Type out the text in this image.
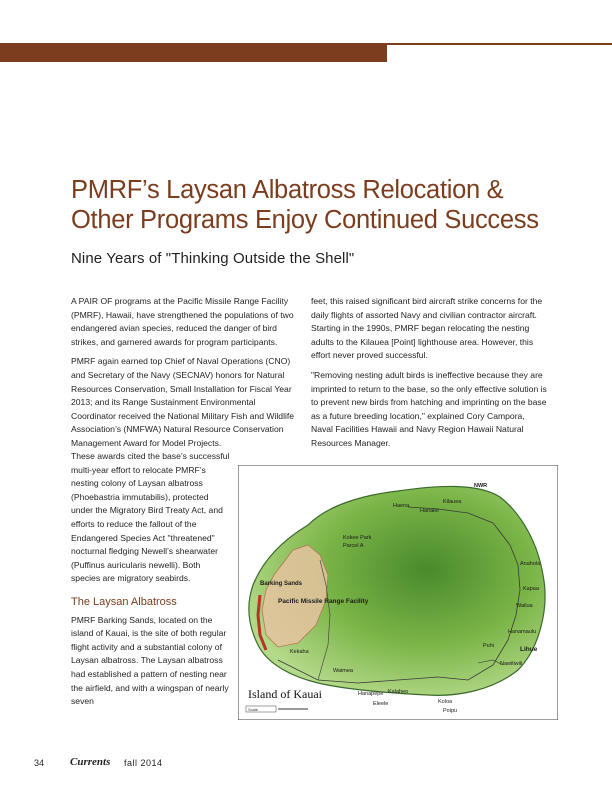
PMRF’s Laysan Albatross Relocation & Other Programs Enjoy Continued Success
Nine Years of "Thinking Outside the Shell"

A PAIR OF programs at the Pacific Missile Range Facility (PMRF), Hawaii, have strengthened the populations of two endangered avian species, reduced the danger of bird strikes, and garnered awards for program participants.

PMRF again earned top Chief of Naval Operations (CNO) and Secretary of the Navy (SECNAV) honors for Natural Resources Conservation, Small Installation for Fiscal Year 2013; and its Range Sustainment Environmental Coordinator received the National Military Fish and Wildlife Association’s (NMFWA) Natural Resource Conservation Management Award for Model Projects.

feet, this raised significant bird aircraft strike concerns for the daily flights of assorted Navy and civilian contractor aircraft. Starting in the 1990s, PMRF began relocating the nesting adults to the Kilauea [Point] lighthouse area. However, this effort never proved successful.

"Removing nesting adult birds is ineffective because they are imprinted to return to the base, so the only effective solution is to prevent new birds from hatching and imprinting on the base as a future breeding location," explained Cory Campora, Naval Facilities Hawaii and Navy Region Hawaii Natural Resources Manager.

These awards cited the base’s successful multi-year effort to relocate PMRF’s nesting colony of Laysan albatross (Phoebastria immutabilis), protected under the Migratory Bird Treaty Act, and efforts to reduce the fallout of the Endangered Species Act "threatened" nocturnal fledging Newell’s shearwater (Puffinus auricularis newelli). Both species are migratory seabirds.

The Laysan Albatross

PMRF Barking Sands, located on the island of Kauai, is the site of both regular flight activity and a substantial colony of Laysan albatross. The Laysan albatross had established a pattern of nesting near the airfield, and with a wingspan of nearly seven

NWR
Haena
Hanalei
Kilauea
Anahola
Kapaa
Wailua
Kokee Park
Parcel A
Barking Sands
Pacific Missile Range Facility
Kekaha
Waimea
Hanamaulu
Puhi	Lihue
Nawiliwili
Hanapepe Kalaheo
Eleele	Koloa
Poipu
Island of Kauai
Scale
34 Currents fall 2014
